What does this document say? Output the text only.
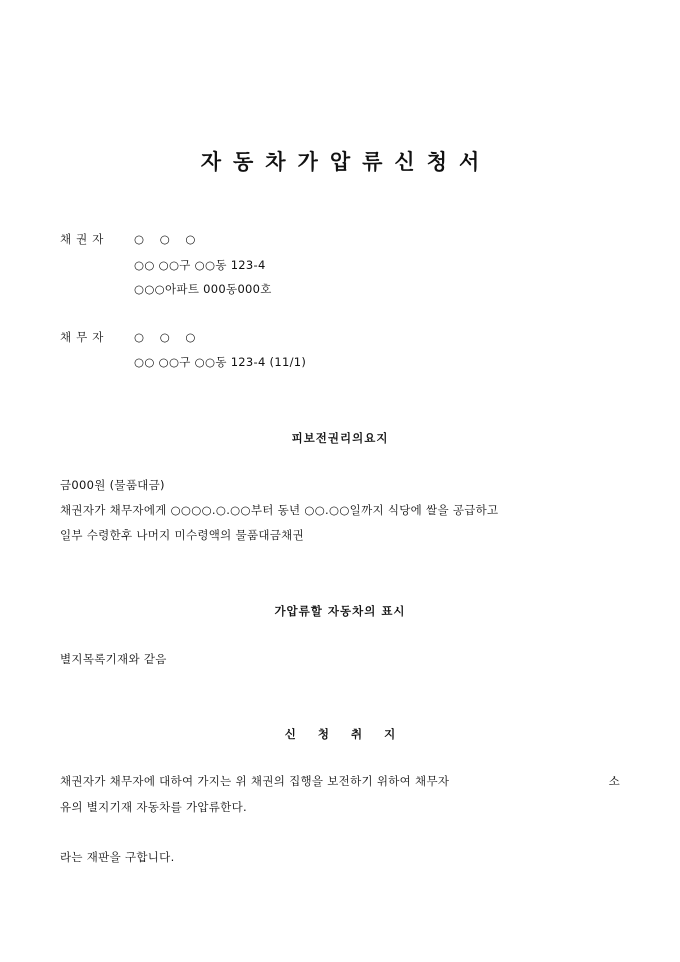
자동차가압류신청서
채권자 ○ ○ ○
○○ ○○구 ○○동 123-4
○○○아파트 000동000호
채무자 ○ ○ ○
○○ ○○구 ○○동 123-4 (11/1)
피보전권리의요지
금000원 (물품대금)
채권자가 채무자에게 ○○○○.○.○○부터 동년 ○○.○○일까지 식당에 쌀을 공급하고
일부 수령한후 나머지 미수령액의 물품대금채권
가압류할 자동차의 표시
별지목록기재와 같음
신청취지
채권자가 채무자에 대하여 가지는 위 채권의 집행을 보전하기 위하여 채무자	소
유의 별지기재 자동차를 가압류한다.
라는 재판을 구합니다.
